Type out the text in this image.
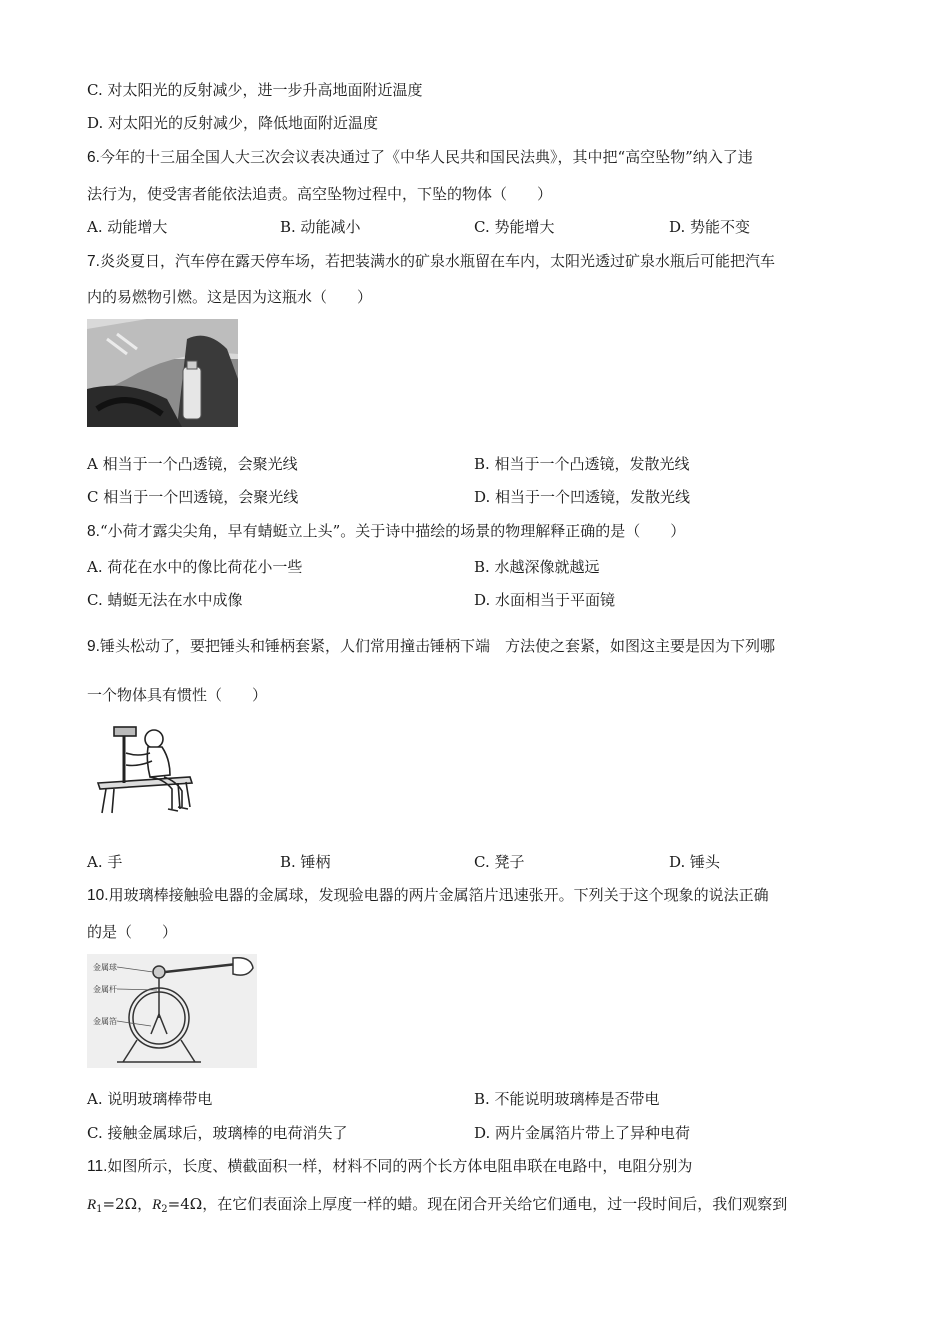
C. 对太阳光的反射减少，进一步升高地面附近温度
D. 对太阳光的反射减少，降低地面附近温度
6.今年的十三届全国人大三次会议表决通过了《中华人民共和国民法典》，其中把“高空坠物”纳入了违
法行为，使受害者能依法追责。高空坠物过程中，下坠的物体（　　）
A. 动能增大	B. 动能减小	C. 势能增大	D. 势能不变
7.炎炎夏日，汽车停在露天停车场，若把装满水的矿泉水瓶留在车内，太阳光透过矿泉水瓶后可能把汽车
内的易燃物引燃。这是因为这瓶水（　　）
A 相当于一个凸透镜，会聚光线	B. 相当于一个凸透镜，发散光线
C 相当于一个凹透镜，会聚光线	D. 相当于一个凹透镜，发散光线
8.“小荷才露尖尖角，早有蜻蜓立上头”。关于诗中描绘的场景的物理解释正确的是（　　）
A. 荷花在水中的像比荷花小一些	B. 水越深像就越远
C. 蜻蜓无法在水中成像	D. 水面相当于平面镜
9.锤头松动了，要把锤头和锤柄套紧，人们常用撞击锤柄下端　方法使之套紧，如图这主要是因为下列哪
一个物体具有惯性（　　）
A. 手	B. 锤柄	C. 凳子	D. 锤头
10.用玻璃棒接触验电器的金属球，发现验电器的两片金属箔片迅速张开。下列关于这个现象的说法正确
的是（　　）
金属球
金属杆
金属箔
A. 说明玻璃棒带电	B. 不能说明玻璃棒是否带电
C. 接触金属球后，玻璃棒的电荷消失了	D. 两片金属箔片带上了异种电荷
11.如图所示，长度、横截面积一样，材料不同的两个长方体电阻串联在电路中，电阻分别为
$R_1=2\Omega$，$R_2=4\Omega$，在它们表面涂上厚度一样的蜡。现在闭合开关给它们通电，过一段时间后，我们观察到
